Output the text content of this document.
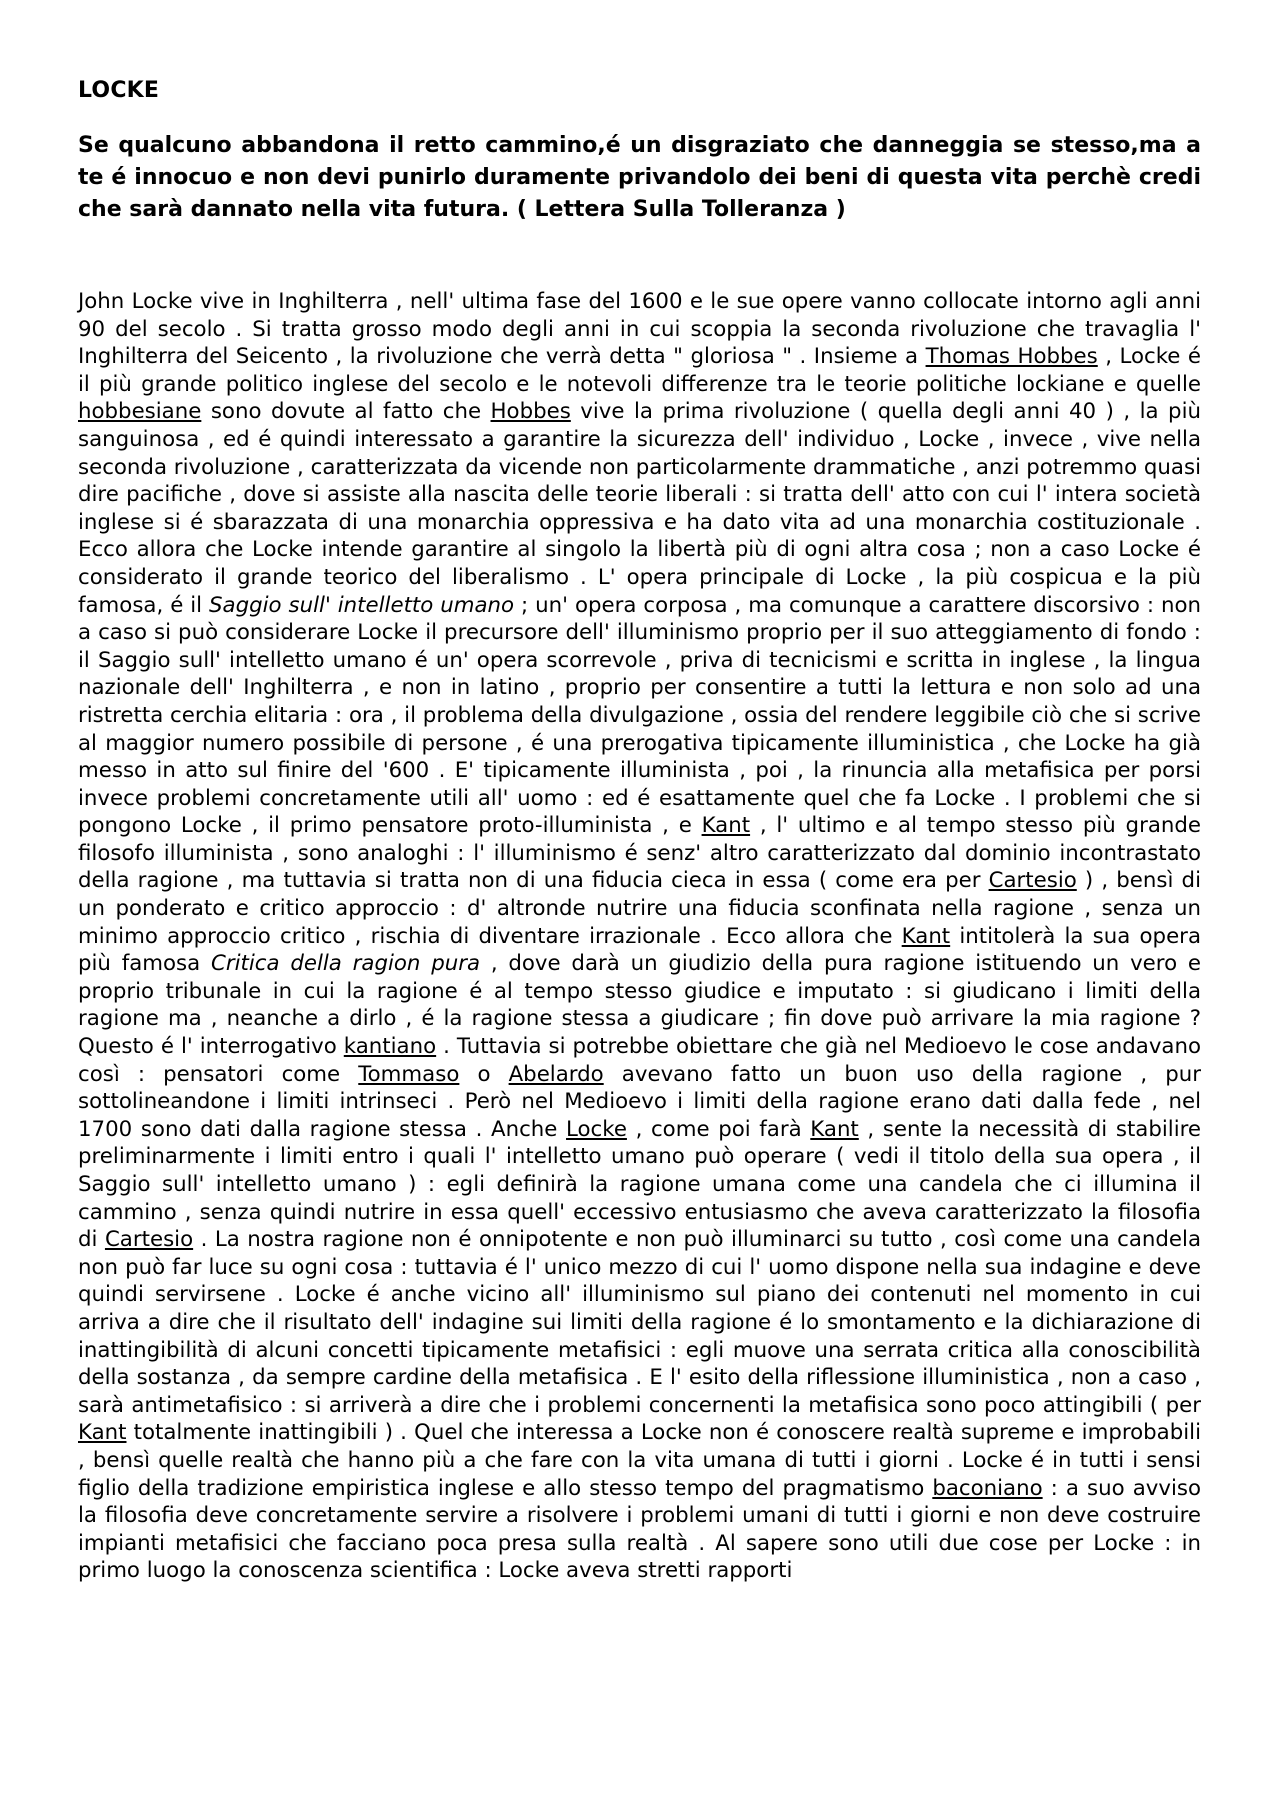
LOCKE

Se qualcuno abbandona il retto cammino,é un disgraziato che danneggia se stesso,ma a te é innocuo e non devi punirlo duramente privandolo dei beni di questa vita perchè credi che sarà dannato nella vita futura. ( Lettera Sulla Tolleranza )

John Locke vive in Inghilterra , nell' ultima fase del 1600 e le sue opere vanno collocate intorno agli anni 90 del secolo . Si tratta grosso modo degli anni in cui scoppia la seconda rivoluzione che travaglia l' Inghilterra del Seicento , la rivoluzione che verrà detta " gloriosa " . Insieme a Thomas Hobbes , Locke é il più grande politico inglese del secolo e le notevoli differenze tra le teorie politiche lockiane e quelle hobbesiane sono dovute al fatto che Hobbes vive la prima rivoluzione ( quella degli anni 40 ) , la più sanguinosa , ed é quindi interessato a garantire la sicurezza dell' individuo , Locke , invece , vive nella seconda rivoluzione , caratterizzata da vicende non particolarmente drammatiche , anzi potremmo quasi dire pacifiche , dove si assiste alla nascita delle teorie liberali : si tratta dell' atto con cui l' intera società inglese si é sbarazzata di una monarchia oppressiva e ha dato vita ad una monarchia costituzionale . Ecco allora che Locke intende garantire al singolo la libertà più di ogni altra cosa ; non a caso Locke é considerato il grande teorico del liberalismo . L' opera principale di Locke , la più cospicua e la più famosa, é il Saggio sull' intelletto umano ; un' opera corposa , ma comunque a carattere discorsivo : non a caso si può considerare Locke il precursore dell' illuminismo proprio per il suo atteggiamento di fondo : il Saggio sull' intelletto umano é un' opera scorrevole , priva di tecnicismi e scritta in inglese , la lingua nazionale dell' Inghilterra , e non in latino , proprio per consentire a tutti la lettura e non solo ad una ristretta cerchia elitaria : ora , il problema della divulgazione , ossia del rendere leggibile ciò che si scrive al maggior numero possibile di persone , é una prerogativa tipicamente illuministica , che Locke ha già messo in atto sul finire del '600 . E' tipicamente illuminista , poi , la rinuncia alla metafisica per porsi invece problemi concretamente utili all' uomo : ed é esattamente quel che fa Locke . I problemi che si pongono Locke , il primo pensatore proto-illuminista , e Kant , l' ultimo e al tempo stesso più grande filosofo illuminista , sono analoghi : l' illuminismo é senz' altro caratterizzato dal dominio incontrastato della ragione , ma tuttavia si tratta non di una fiducia cieca in essa ( come era per Cartesio ) , bensì di un ponderato e critico approccio : d' altronde nutrire una fiducia sconfinata nella ragione , senza un minimo approccio critico , rischia di diventare irrazionale . Ecco allora che Kant intitolerà la sua opera più famosa Critica della ragion pura , dove darà un giudizio della pura ragione istituendo un vero e proprio tribunale in cui la ragione é al tempo stesso giudice e imputato : si giudicano i limiti della ragione ma , neanche a dirlo , é la ragione stessa a giudicare ; fin dove può arrivare la mia ragione ? Questo é l' interrogativo kantiano . Tuttavia si potrebbe obiettare che già nel Medioevo le cose andavano così : pensatori come Tommaso o Abelardo avevano fatto un buon uso della ragione , pur sottolineandone i limiti intrinseci . Però nel Medioevo i limiti della ragione erano dati dalla fede , nel 1700 sono dati dalla ragione stessa . Anche Locke , come poi farà Kant , sente la necessità di stabilire preliminarmente i limiti entro i quali l' intelletto umano può operare ( vedi il titolo della sua opera , il Saggio sull' intelletto umano ) : egli definirà la ragione umana come una candela che ci illumina il cammino , senza quindi nutrire in essa quell' eccessivo entusiasmo che aveva caratterizzato la filosofia di Cartesio . La nostra ragione non é onnipotente e non può illuminarci su tutto , così come una candela non può far luce su ogni cosa : tuttavia é l' unico mezzo di cui l' uomo dispone nella sua indagine e deve quindi servirsene . Locke é anche vicino all' illuminismo sul piano dei contenuti nel momento in cui arriva a dire che il risultato dell' indagine sui limiti della ragione é lo smontamento e la dichiarazione di inattingibilità di alcuni concetti tipicamente metafisici : egli muove una serrata critica alla conoscibilità della sostanza , da sempre cardine della metafisica . E l' esito della riflessione illuministica , non a caso , sarà antimetafisico : si arriverà a dire che i problemi concernenti la metafisica sono poco attingibili ( per Kant totalmente inattingibili ) . Quel che interessa a Locke non é conoscere realtà supreme e improbabili , bensì quelle realtà che hanno più a che fare con la vita umana di tutti i giorni . Locke é in tutti i sensi figlio della tradizione empiristica inglese e allo stesso tempo del pragmatismo baconiano : a suo avviso la filosofia deve concretamente servire a risolvere i problemi umani di tutti i giorni e non deve costruire impianti metafisici che facciano poca presa sulla realtà . Al sapere sono utili due cose per Locke : in primo luogo la conoscenza scientifica : Locke aveva stretti rapporti
